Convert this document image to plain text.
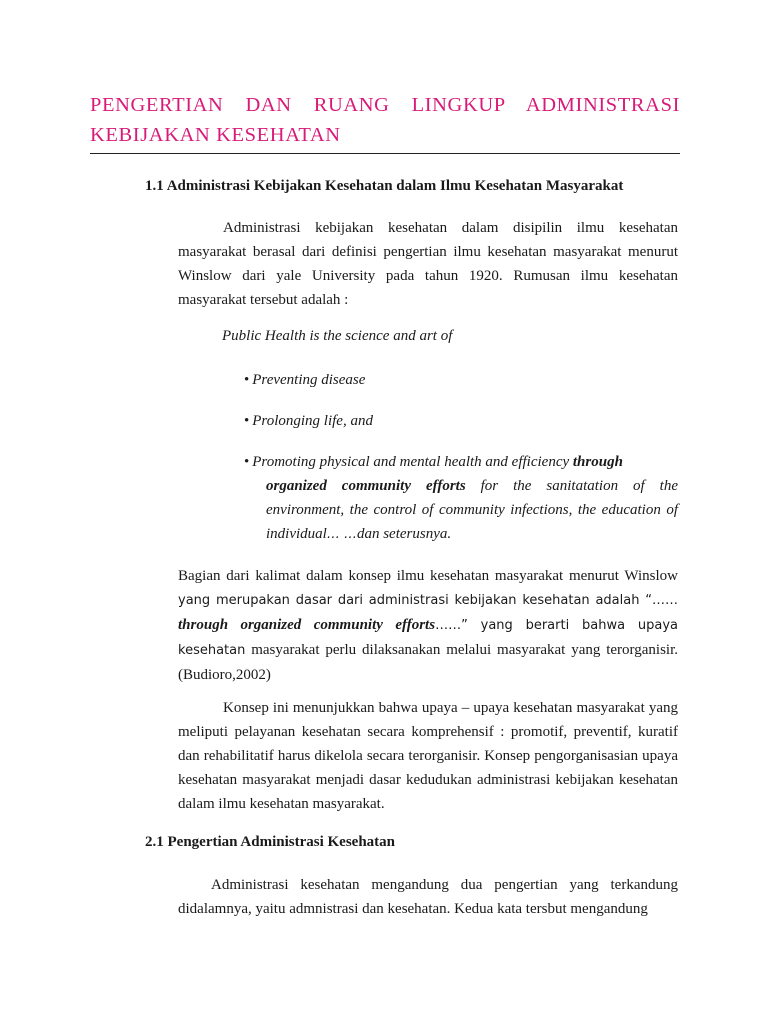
PENGERTIAN DAN RUANG LINGKUP ADMINISTRASI KEBIJAKAN KESEHATAN
1.1 Administrasi Kebijakan Kesehatan dalam Ilmu Kesehatan Masyarakat

Administrasi kebijakan kesehatan dalam disipilin ilmu kesehatan masyarakat berasal dari definisi pengertian ilmu kesehatan masyarakat menurut Winslow dari yale University pada tahun 1920. Rumusan ilmu kesehatan masyarakat tersebut adalah :

Public Health is the science and art of

• Preventing disease
• Prolonging life, and
• Promoting physical and mental health and efficiency through
organized community efforts for the sanitatation of the environment, the control of community infections, the education of individual… …dan seterusnya.

Bagian dari kalimat dalam konsep ilmu kesehatan masyarakat menurut Winslow yang merupakan dasar dari administrasi kebijakan kesehatan adalah “……through organized community efforts……” yang berarti bahwa upaya kesehatan masyarakat perlu dilaksanakan melalui masyarakat yang terorganisir. (Budioro,2002)

Konsep ini menunjukkan bahwa upaya – upaya kesehatan masyarakat yang meliputi pelayanan kesehatan secara komprehensif : promotif, preventif, kuratif dan rehabilitatif harus dikelola secara terorganisir. Konsep pengorganisasian upaya kesehatan masyarakat menjadi dasar kedudukan administrasi kebijakan kesehatan dalam ilmu kesehatan masyarakat.

2.1 Pengertian Administrasi Kesehatan

Administrasi kesehatan mengandung dua pengertian yang terkandung didalamnya, yaitu admnistrasi dan kesehatan. Kedua kata tersbut mengandung
